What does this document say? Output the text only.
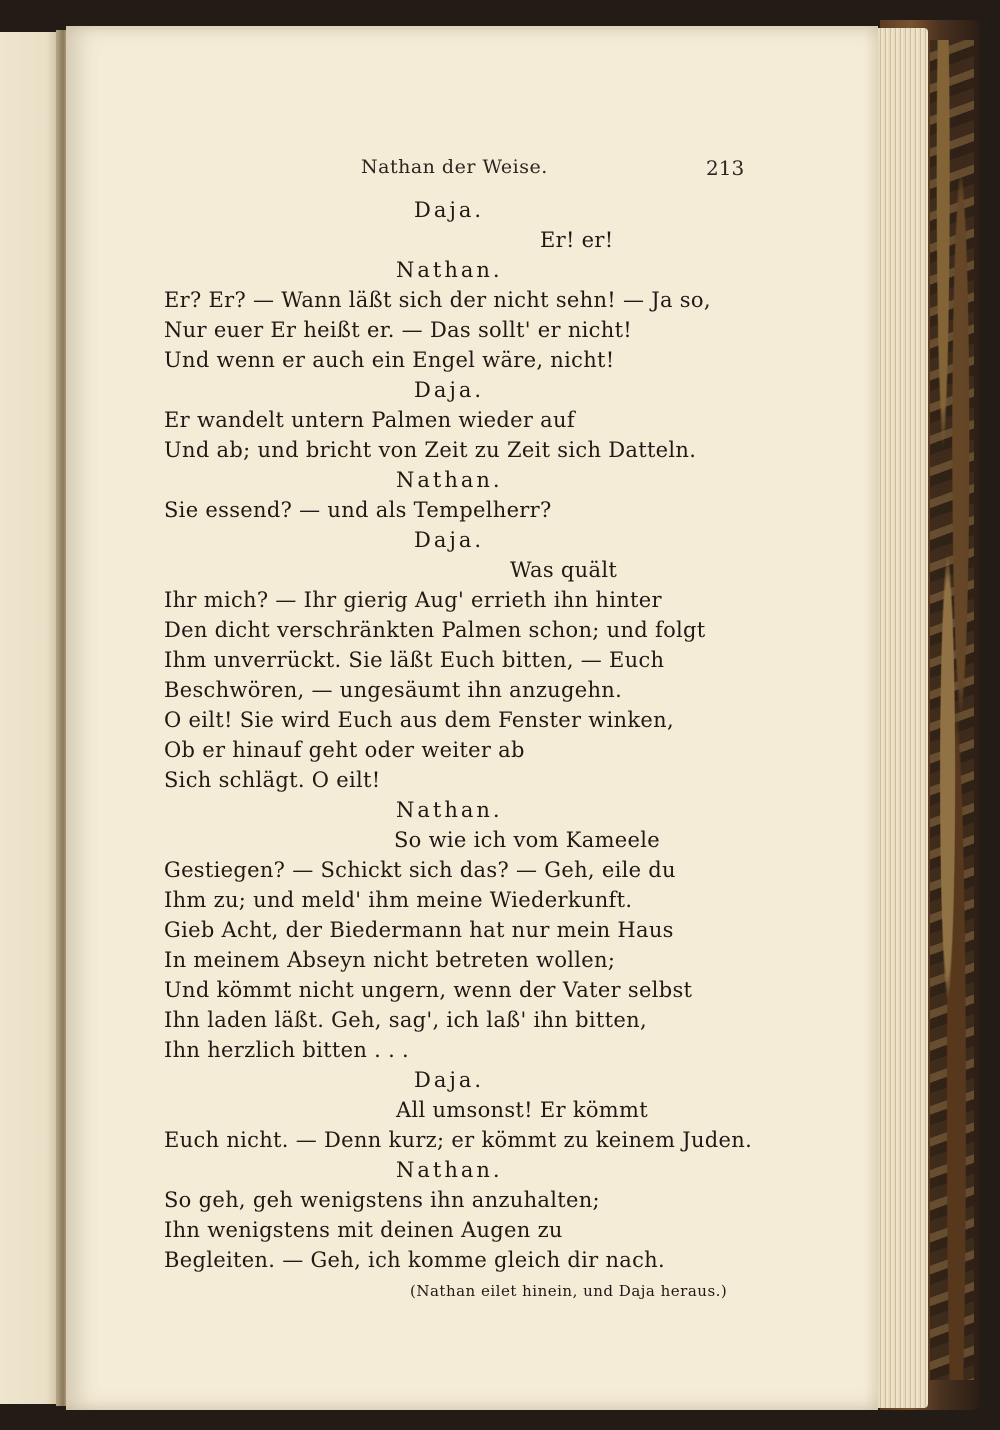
Nathan der Weise.	213
Daja.
Er! er!
Nathan.
Er? Er? — Wann läßt sich der nicht sehn! — Ja so,
Nur euer Er heißt er. — Das sollt' er nicht!
Und wenn er auch ein Engel wäre, nicht!
Daja.
Er wandelt untern Palmen wieder auf
Und ab; und bricht von Zeit zu Zeit sich Datteln.
Nathan.
Sie essend? — und als Tempelherr?
Daja.
Was quält
Ihr mich? — Ihr gierig Aug' errieth ihn hinter
Den dicht verschränkten Palmen schon; und folgt
Ihm unverrückt. Sie läßt Euch bitten, — Euch
Beschwören, — ungesäumt ihn anzugehn.
O eilt! Sie wird Euch aus dem Fenster winken,
Ob er hinauf geht oder weiter ab
Sich schlägt. O eilt!
Nathan.
So wie ich vom Kameele
Gestiegen? — Schickt sich das? — Geh, eile du
Ihm zu; und meld' ihm meine Wiederkunft.
Gieb Acht, der Biedermann hat nur mein Haus
In meinem Abseyn nicht betreten wollen;
Und kömmt nicht ungern, wenn der Vater selbst
Ihn laden läßt. Geh, sag', ich laß' ihn bitten,
Ihn herzlich bitten . . .
Daja.
All umsonst! Er kömmt
Euch nicht. — Denn kurz; er kömmt zu keinem Juden.
Nathan.
So geh, geh wenigstens ihn anzuhalten;
Ihn wenigstens mit deinen Augen zu
Begleiten. — Geh, ich komme gleich dir nach.
(Nathan eilet hinein, und Daja heraus.)
